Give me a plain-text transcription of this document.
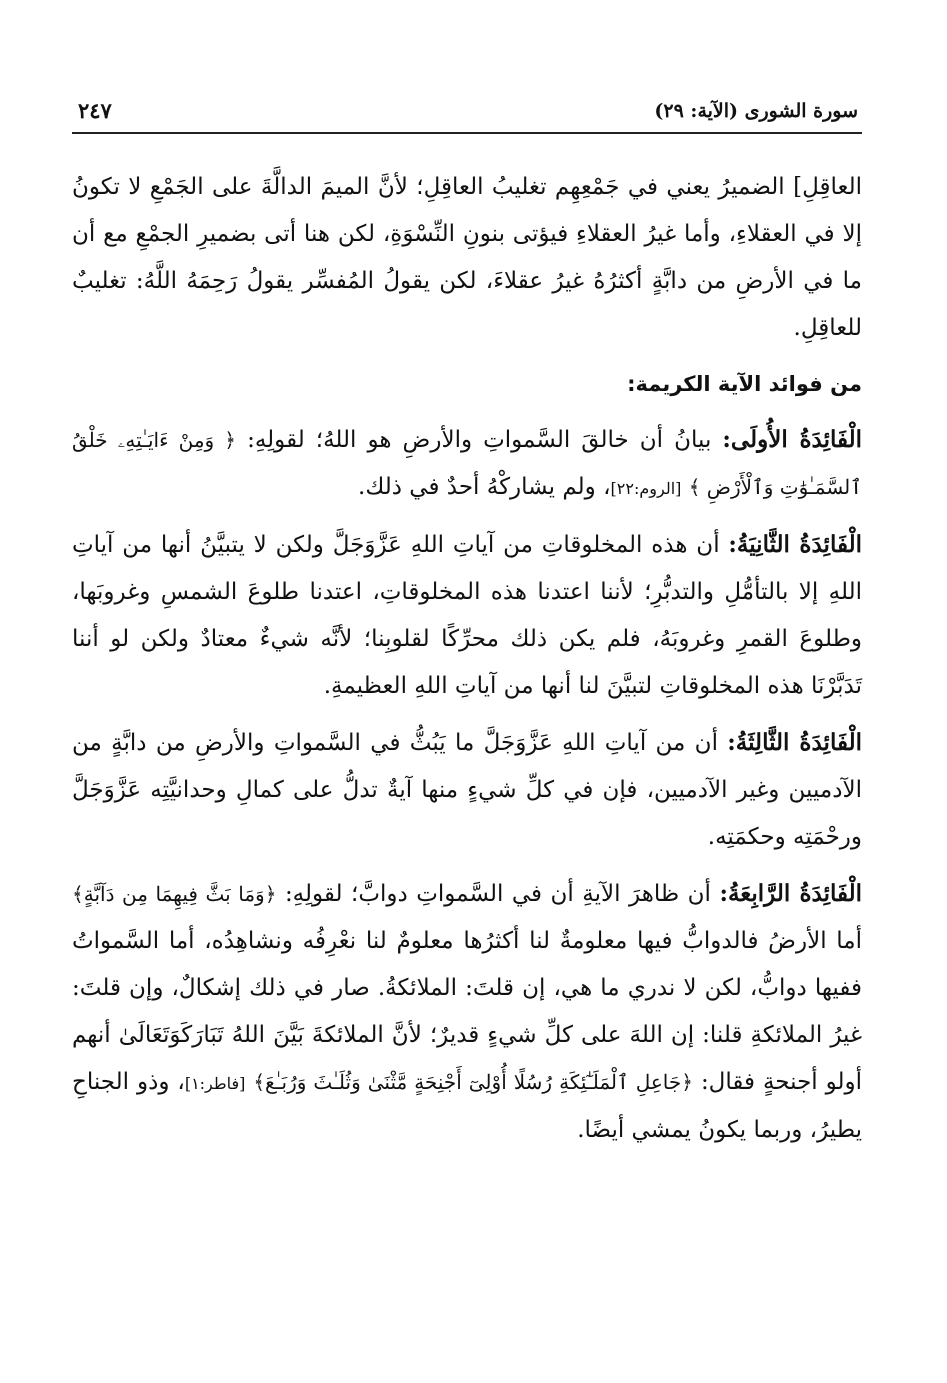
سورة الشورى (الآية: ٢٩)
٢٤٧

العاقِلِ] الضميرُ يعني في جَمْعِهِم تغليبُ العاقِلِ؛ لأنَّ الميمَ الدالَّةَ على الجَمْعِ لا تكونُ إلا في العقلاءِ، وأما غيرُ العقلاءِ فيؤتى بنونِ النِّسْوَةِ، لكن هنا أتى بضميرِ الجمْعِ مع أن ما في الأرضِ من دابَّةٍ أكثرُهُ غيرُ عقلاءَ، لكن يقولُ المُفسِّر يقولُ رَحِمَهُ اللَّهُ: تغليبٌ للعاقِلِ.

من فوائد الآية الكريمة:

الْفَائِدَةُ الأُولَى: بيانُ أن خالقَ السَّمواتِ والأرضِ هو اللهُ؛ لقولِهِ: ﴿ وَمِنْ ءَايَـٰتِهِۦ خَلْقُ ٱلسَّمَـٰوَٰتِ وَٱلْأَرْضِ ﴾ [الروم:٢٢]، ولم يشاركْهُ أحدٌ في ذلك.

الْفَائِدَةُ الثَّانِيَةُ: أن هذه المخلوقاتِ من آياتِ اللهِ عَزَّوَجَلَّ ولكن لا يتبيَّنُ أنها من آياتِ اللهِ إلا بالتأمُّلِ والتدبُّرِ؛ لأننا اعتدنا هذه المخلوقاتِ، اعتدنا طلوعَ الشمسِ وغروبَها، وطلوعَ القمرِ وغروبَهُ، فلم يكن ذلك محرِّكًا لقلوبِنا؛ لأنَّه شيءٌ معتادٌ ولكن لو أننا تَدَبَّرْنَا هذه المخلوقاتِ لتبيَّنَ لنا أنها من آياتِ اللهِ العظيمةِ.

الْفَائِدَةُ الثَّالِثَةُ: أن من آياتِ اللهِ عَزَّوَجَلَّ ما يَبُثُّ في السَّمواتِ والأرضِ من دابَّةٍ من الآدميين وغير الآدميين، فإن في كلِّ شيءٍ منها آيةٌ تدلُّ على كمالِ وحدانيَّتِه عَزَّوَجَلَّ ورحْمَتِه وحكمَتِه.

الْفَائِدَةُ الرَّابِعَةُ: أن ظاهرَ الآيةِ أن في السَّمواتِ دوابَّ؛ لقولِهِ: ﴿وَمَا بَثَّ فِيهِمَا مِن دَآبَّةٍ﴾ أما الأرضُ فالدوابُّ فيها معلومةٌ لنا أكثرُها معلومٌ لنا نعْرِفُه ونشاهِدُه، أما السَّمواتُ ففيها دوابُّ، لكن لا ندري ما هي، إن قلتَ: الملائكةُ. صار في ذلك إشكالٌ، وإن قلتَ: غيرُ الملائكةِ قلنا: إن اللهَ على كلِّ شيءٍ قديرٌ؛ لأنَّ الملائكةَ بَيَّنَ اللهُ تَبَارَكَوَتَعَالَىٰ أنهم أولو أجنحةٍ فقال: ﴿جَاعِلِ ٱلْمَلَـٰٓئِكَةِ رُسُلًا أُوْلِىٓ أَجْنِحَةٍ مَّثْنَىٰ وَثُلَـٰثَ وَرُبَـٰعَ﴾ [فاطر:١]، وذو الجناحِ يطيرُ، وربما يكونُ يمشي أيضًا.
